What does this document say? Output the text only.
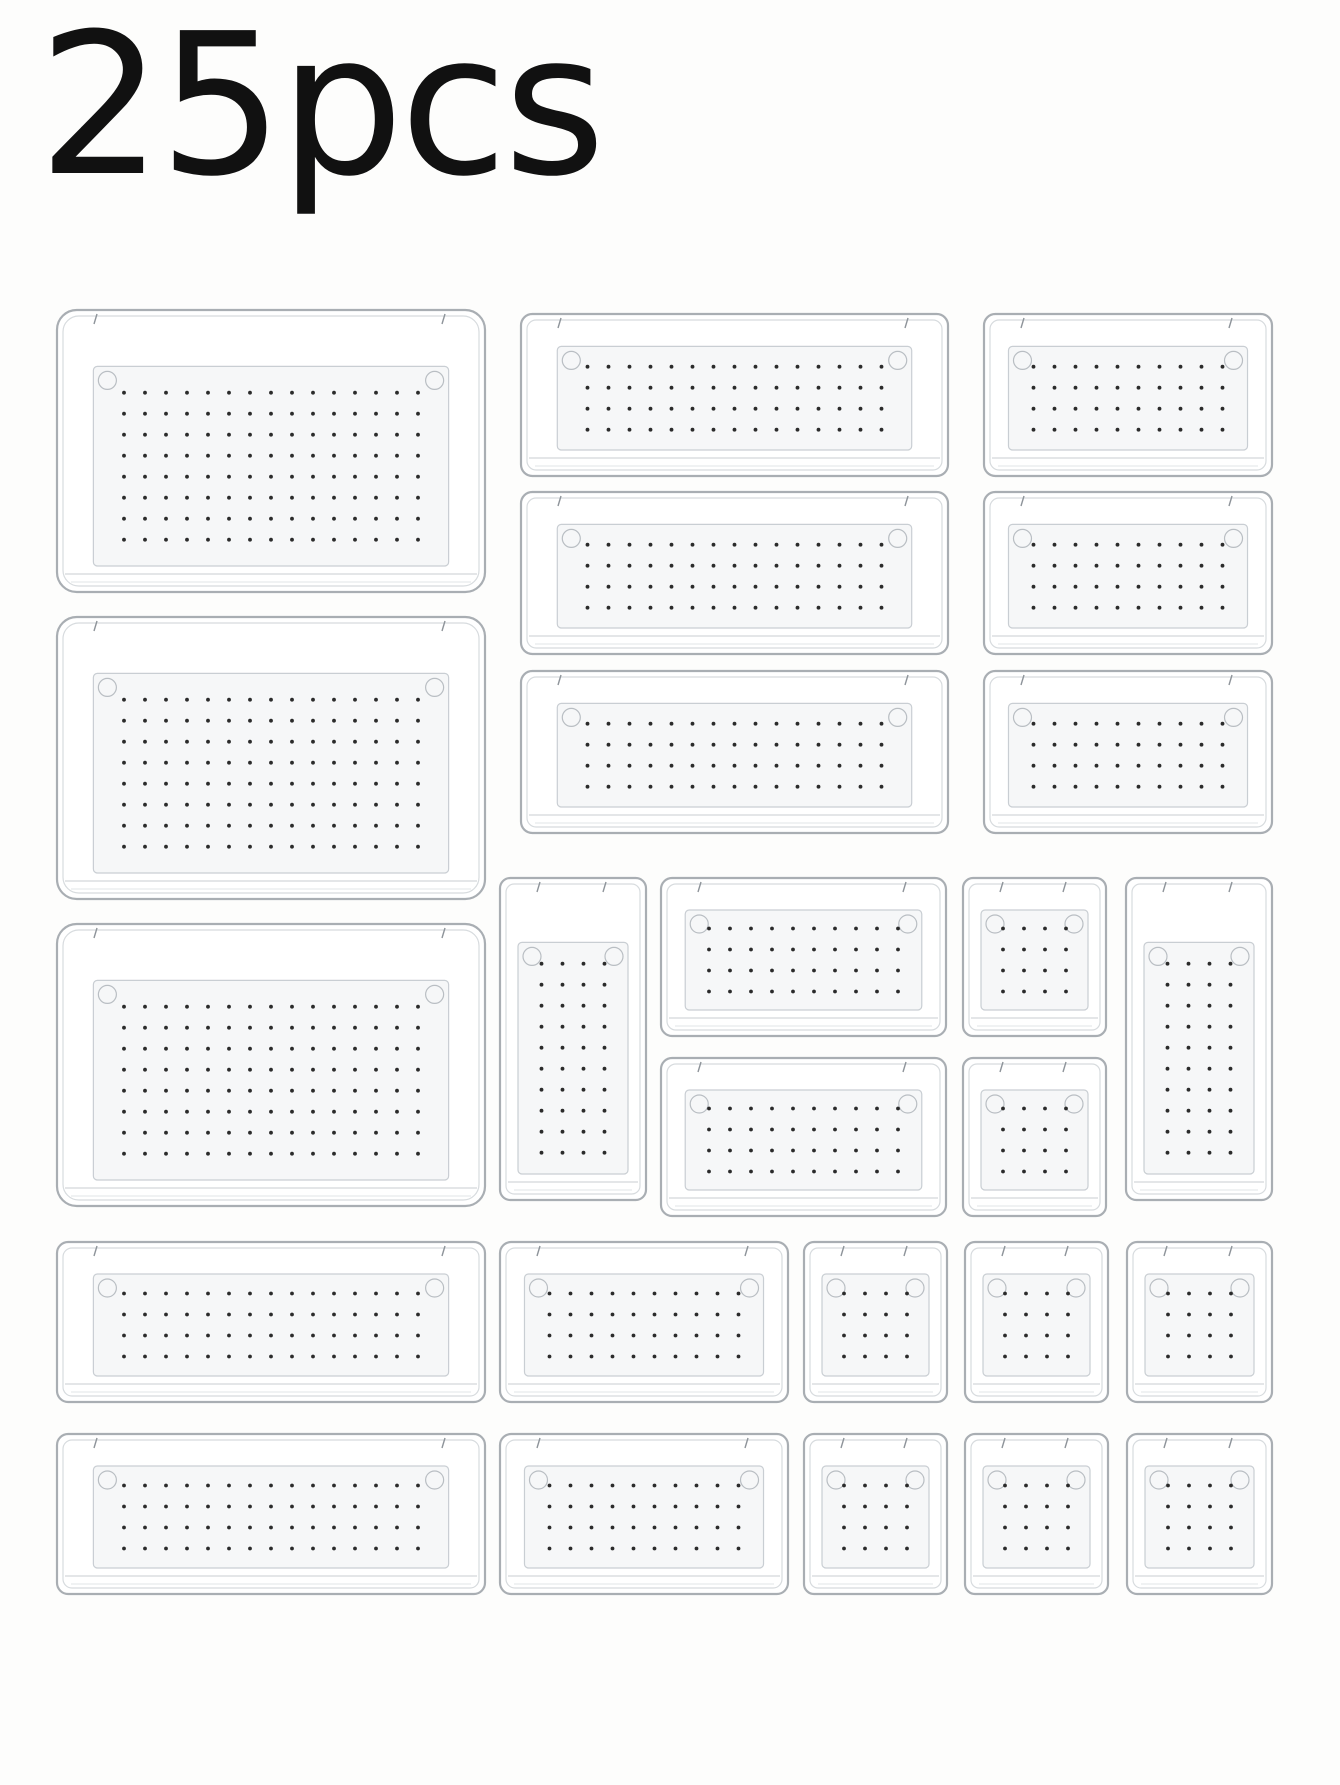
25pcs
